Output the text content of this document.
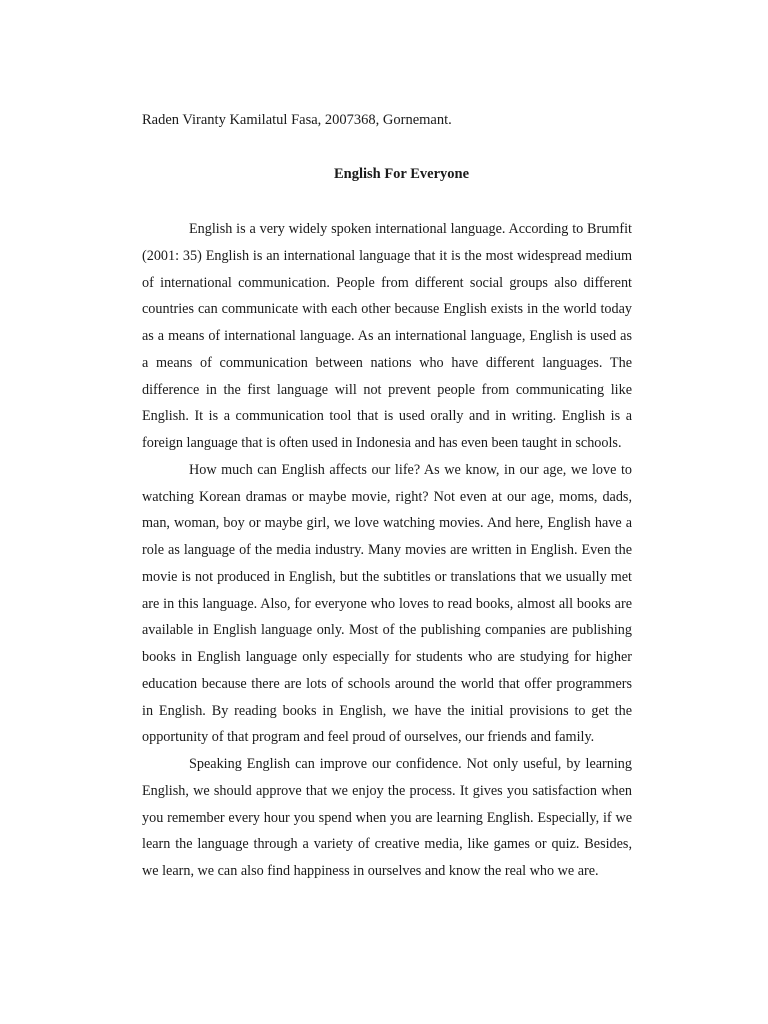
Raden Viranty Kamilatul Fasa, 2007368, Gornemant.
English For Everyone

English is a very widely spoken international language. According to Brumfit (2001: 35) English is an international language that it is the most widespread medium of international communication. People from different social groups also different countries can communicate with each other because English exists in the world today as a means of international language. As an international language, English is used as a means of communication between nations who have different languages. The difference in the first language will not prevent people from communicating like English. It is a communication tool that is used orally and in writing. English is a foreign language that is often used in Indonesia and has even been taught in schools.

How much can English affects our life? As we know, in our age, we love to watching Korean dramas or maybe movie, right? Not even at our age, moms, dads, man, woman, boy or maybe girl, we love watching movies. And here, English have a role as language of the media industry. Many movies are written in English. Even the movie is not produced in English, but the subtitles or translations that we usually met are in this language. Also, for everyone who loves to read books, almost all books are available in English language only. Most of the publishing companies are publishing books in English language only especially for students who are studying for higher education because there are lots of schools around the world that offer programmers in English. By reading books in English, we have the initial provisions to get the opportunity of that program and feel proud of ourselves, our friends and family.

Speaking English can improve our confidence. Not only useful, by learning English, we should approve that we enjoy the process. It gives you satisfaction when you remember every hour you spend when you are learning English. Especially, if we learn the language through a variety of creative media, like games or quiz. Besides, we learn, we can also find happiness in ourselves and know the real who we are.
